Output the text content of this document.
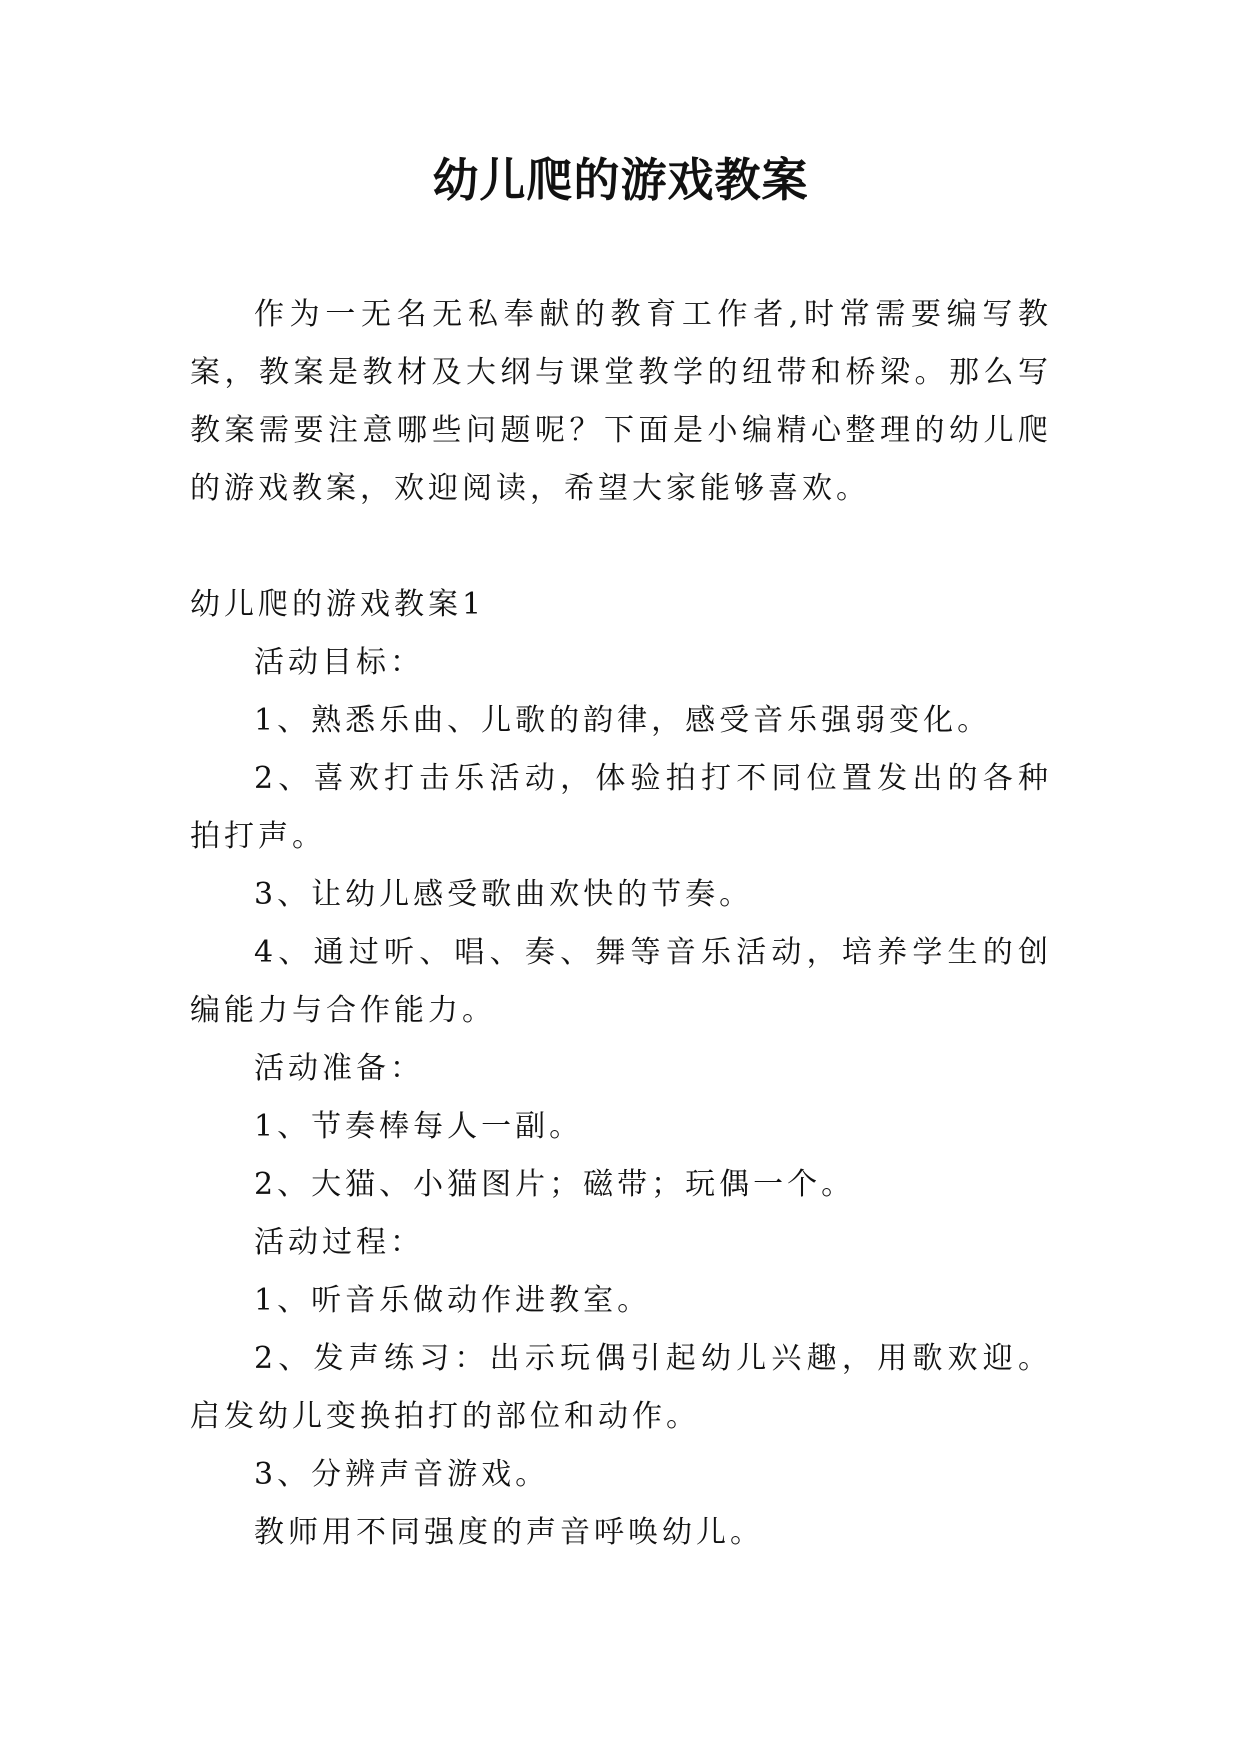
幼儿爬的游戏教案

作为一无名无私奉献的教育工作者,时常需要编写教案，教案是教材及大纲与课堂教学的纽带和桥梁。那么写教案需要注意哪些问题呢？下面是小编精心整理的幼儿爬的游戏教案，欢迎阅读，希望大家能够喜欢。

幼儿爬的游戏教案1

活动目标：

1、熟悉乐曲、儿歌的韵律，感受音乐强弱变化。

2、喜欢打击乐活动，体验拍打不同位置发出的各种拍打声。

3、让幼儿感受歌曲欢快的节奏。

4、通过听、唱、奏、舞等音乐活动，培养学生的创编能力与合作能力。

活动准备：

1、节奏棒每人一副。

2、大猫、小猫图片；磁带；玩偶一个。

活动过程：

1、听音乐做动作进教室。

2、发声练习：出示玩偶引起幼儿兴趣，用歌欢迎。启发幼儿变换拍打的部位和动作。

3、分辨声音游戏。

教师用不同强度的声音呼唤幼儿。
